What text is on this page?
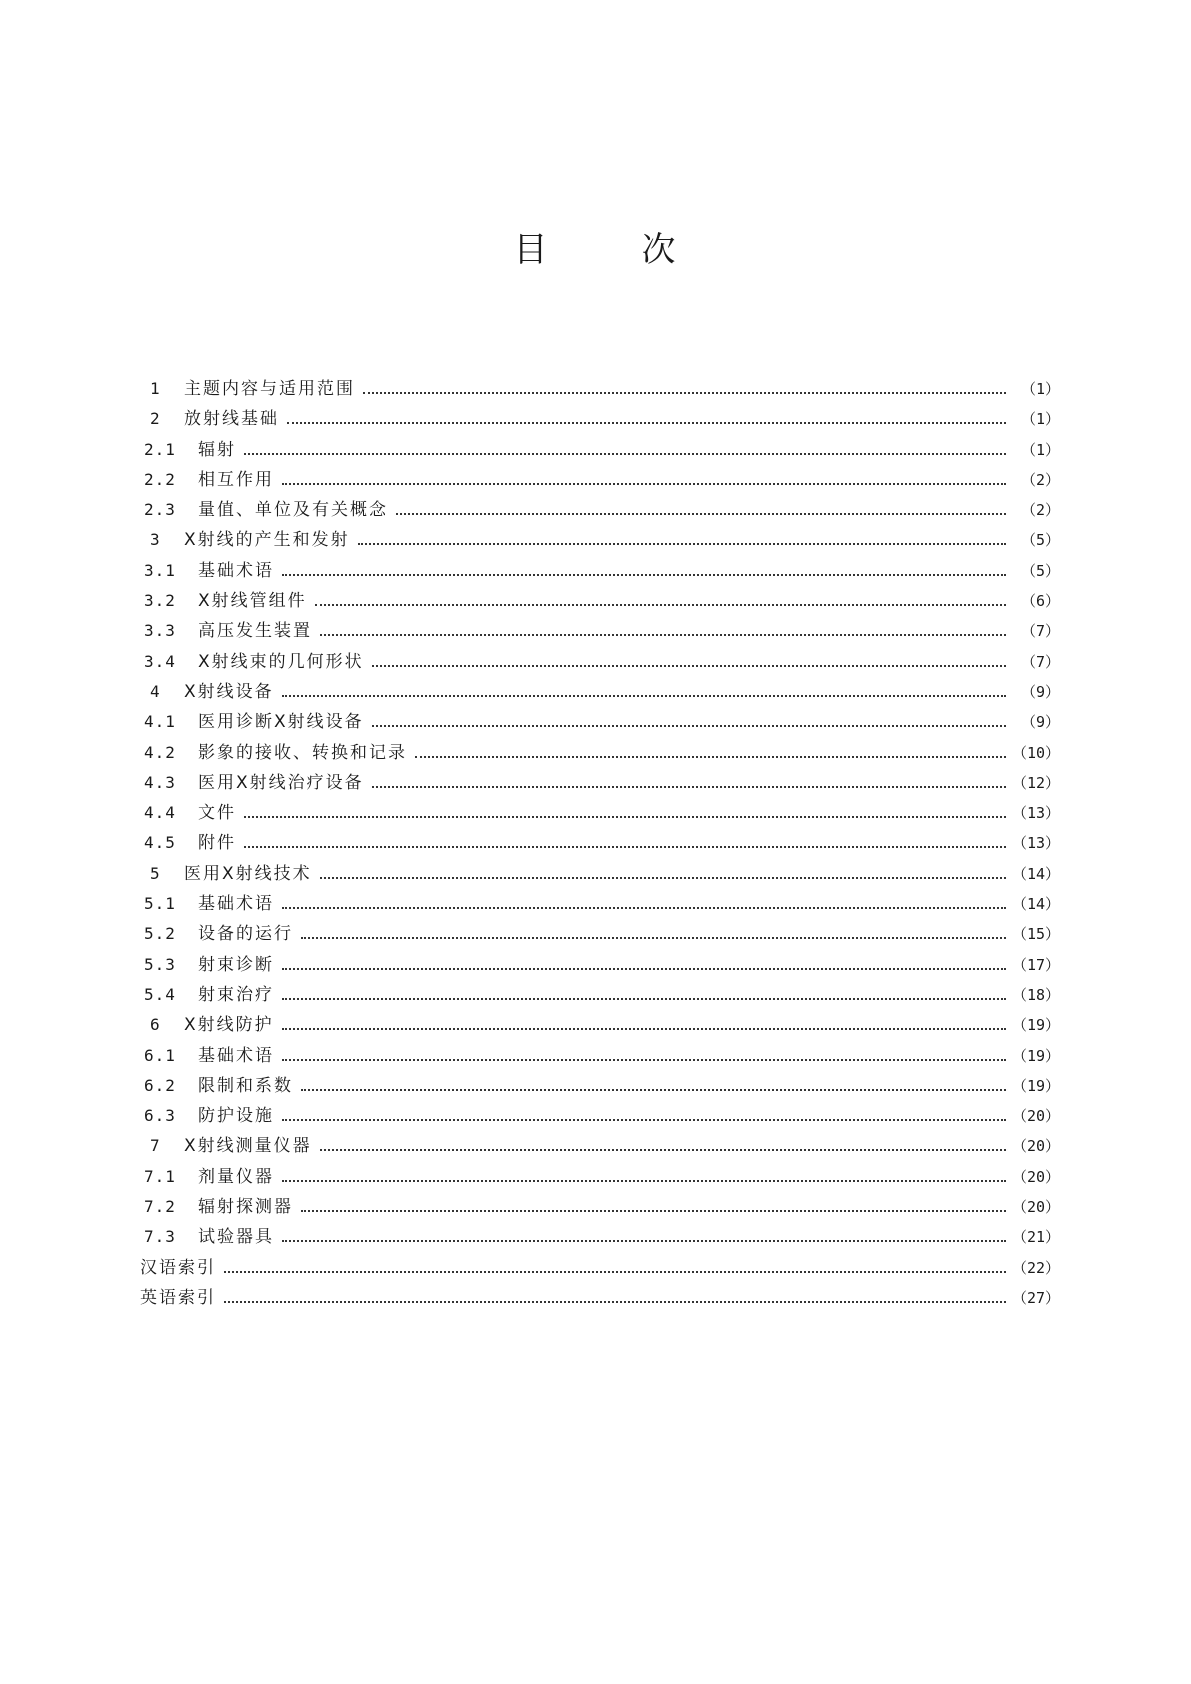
目	次
1	主题内容与适用范围	（1）
2	放射线基础	（1）
2.1	辐射	（1）
2.2	相互作用	（2）
2.3	量值、单位及有关概念	（2）
3	X射线的产生和发射	（5）
3.1	基础术语	（5）
3.2	X射线管组件	（6）
3.3	高压发生装置	（7）
3.4	X射线束的几何形状	（7）
4	X射线设备	（9）
4.1	医用诊断X射线设备	（9）
4.2	影象的接收、转换和记录	（10）
4.3	医用X射线治疗设备	（12）
4.4	文件	（13）
4.5	附件	（13）
5	医用X射线技术	（14）
5.1	基础术语	（14）
5.2	设备的运行	（15）
5.3	射束诊断	（17）
5.4	射束治疗	（18）
6	X射线防护	（19）
6.1	基础术语	（19）
6.2	限制和系数	（19）
6.3	防护设施	（20）
7	X射线测量仪器	（20）
7.1	剂量仪器	（20）
7.2	辐射探测器	（20）
7.3	试验器具	（21）
汉语索引	（22）
英语索引	（27）
